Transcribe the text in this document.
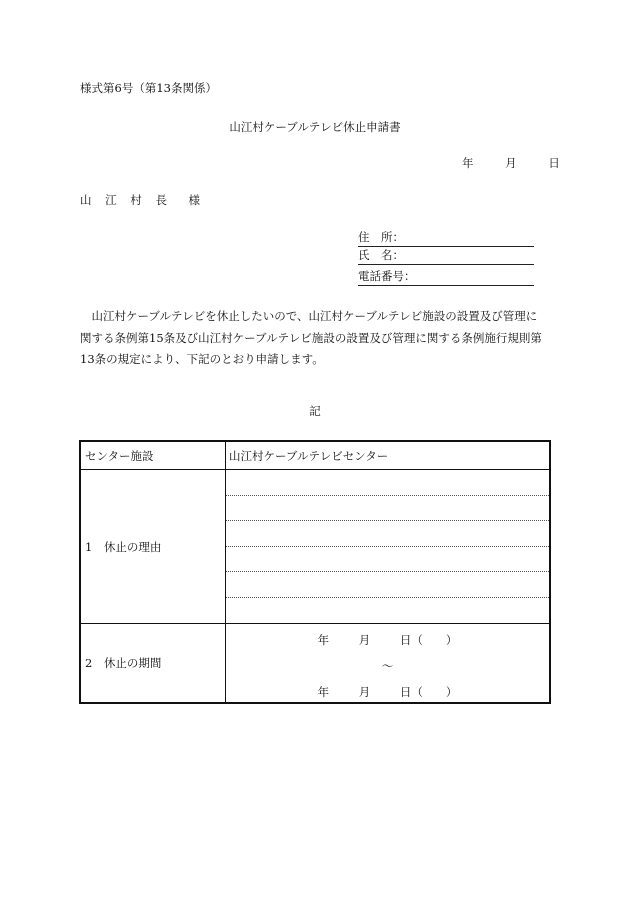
様式第6号（第13条関係）
山江村ケーブルテレビ休止申請書
年	月	日
山 江 村 長　様
住　所：
氏　名：
電話番号：
　山江村ケーブルテレビを休止したいので、山江村ケーブルテレビ施設の設置及び管理に
関する条例第15条及び山江村ケーブルテレビ施設の設置及び管理に関する条例施行規則第
13条の規定により、下記のとおり申請します。
記
センター施設	山江村ケーブルテレビセンター
1　休止の理由	

2　休止の期間	年 月 日（　　）
〜
年 月 日（　　）
